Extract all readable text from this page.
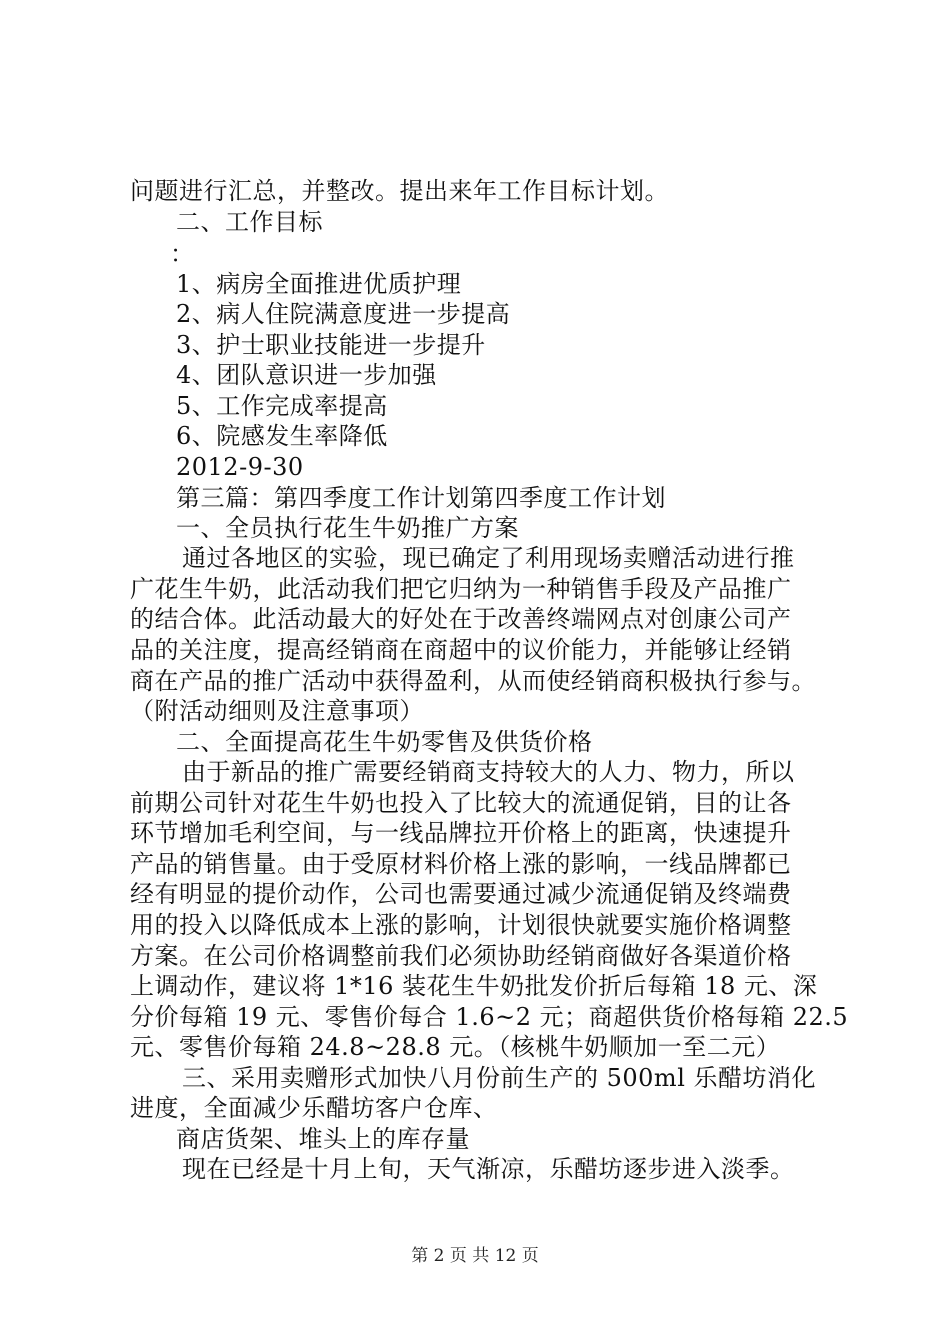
问题进行汇总，并整改。提出来年工作目标计划。
二、工作目标
：
1、病房全面推进优质护理
2、病人住院满意度进一步提高
3、护士职业技能进一步提升
4、团队意识进一步加强
5、工作完成率提高
6、院感发生率降低
2012-9-30
第三篇：第四季度工作计划第四季度工作计划
一、全员执行花生牛奶推广方案
通过各地区的实验，现已确定了利用现场卖赠活动进行推
广花生牛奶，此活动我们把它归纳为一种销售手段及产品推广
的结合体。此活动最大的好处在于改善终端网点对创康公司产
品的关注度，提高经销商在商超中的议价能力，并能够让经销
商在产品的推广活动中获得盈利，从而使经销商积极执行参与。
（附活动细则及注意事项）
二、全面提高花生牛奶零售及供货价格
由于新品的推广需要经销商支持较大的人力、物力，所以
前期公司针对花生牛奶也投入了比较大的流通促销，目的让各
环节增加毛利空间，与一线品牌拉开价格上的距离，快速提升
产品的销售量。由于受原材料价格上涨的影响，一线品牌都已
经有明显的提价动作，公司也需要通过减少流通促销及终端费
用的投入以降低成本上涨的影响，计划很快就要实施价格调整
方案。在公司价格调整前我们必须协助经销商做好各渠道价格
上调动作，建议将 1*16 装花生牛奶批发价折后每箱 18 元、深
分价每箱 19 元、零售价每合 1.6~2 元；商超供货价格每箱 22.5
元、零售价每箱 24.8~28.8 元。（核桃牛奶顺加一至二元）
三、采用卖赠形式加快八月份前生产的 500ml 乐醋坊消化
进度，全面减少乐醋坊客户仓库、
商店货架、堆头上的库存量
现在已经是十月上旬，天气渐凉，乐醋坊逐步进入淡季。
第 2 页 共 12 页
